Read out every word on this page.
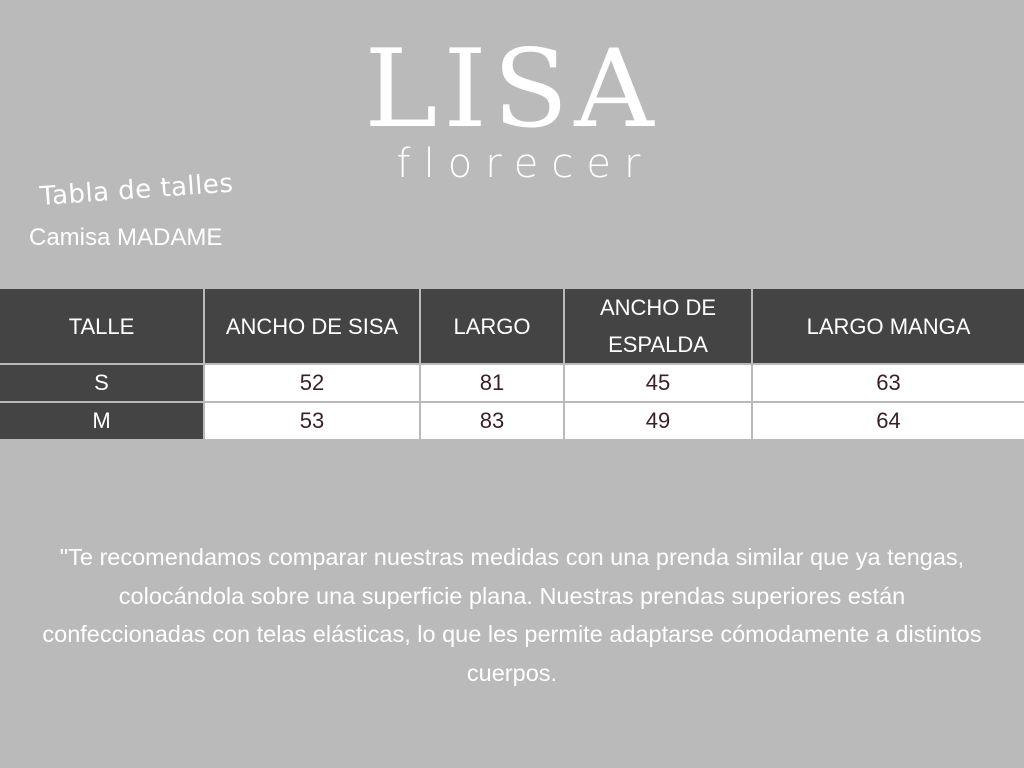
LISA
florecer
Tabla de talles
Camisa MADAME
TALLE	ANCHO DE SISA	LARGO	ANCHO DE ESPALDA	LARGO MANGA
S	52	81	45	63
M	53	83	49	64
"Te recomendamos comparar nuestras medidas con una prenda similar que ya tengas, colocándola sobre una superficie plana. Nuestras prendas superiores están confeccionadas con telas elásticas, lo que les permite adaptarse cómodamente a distintos cuerpos.
